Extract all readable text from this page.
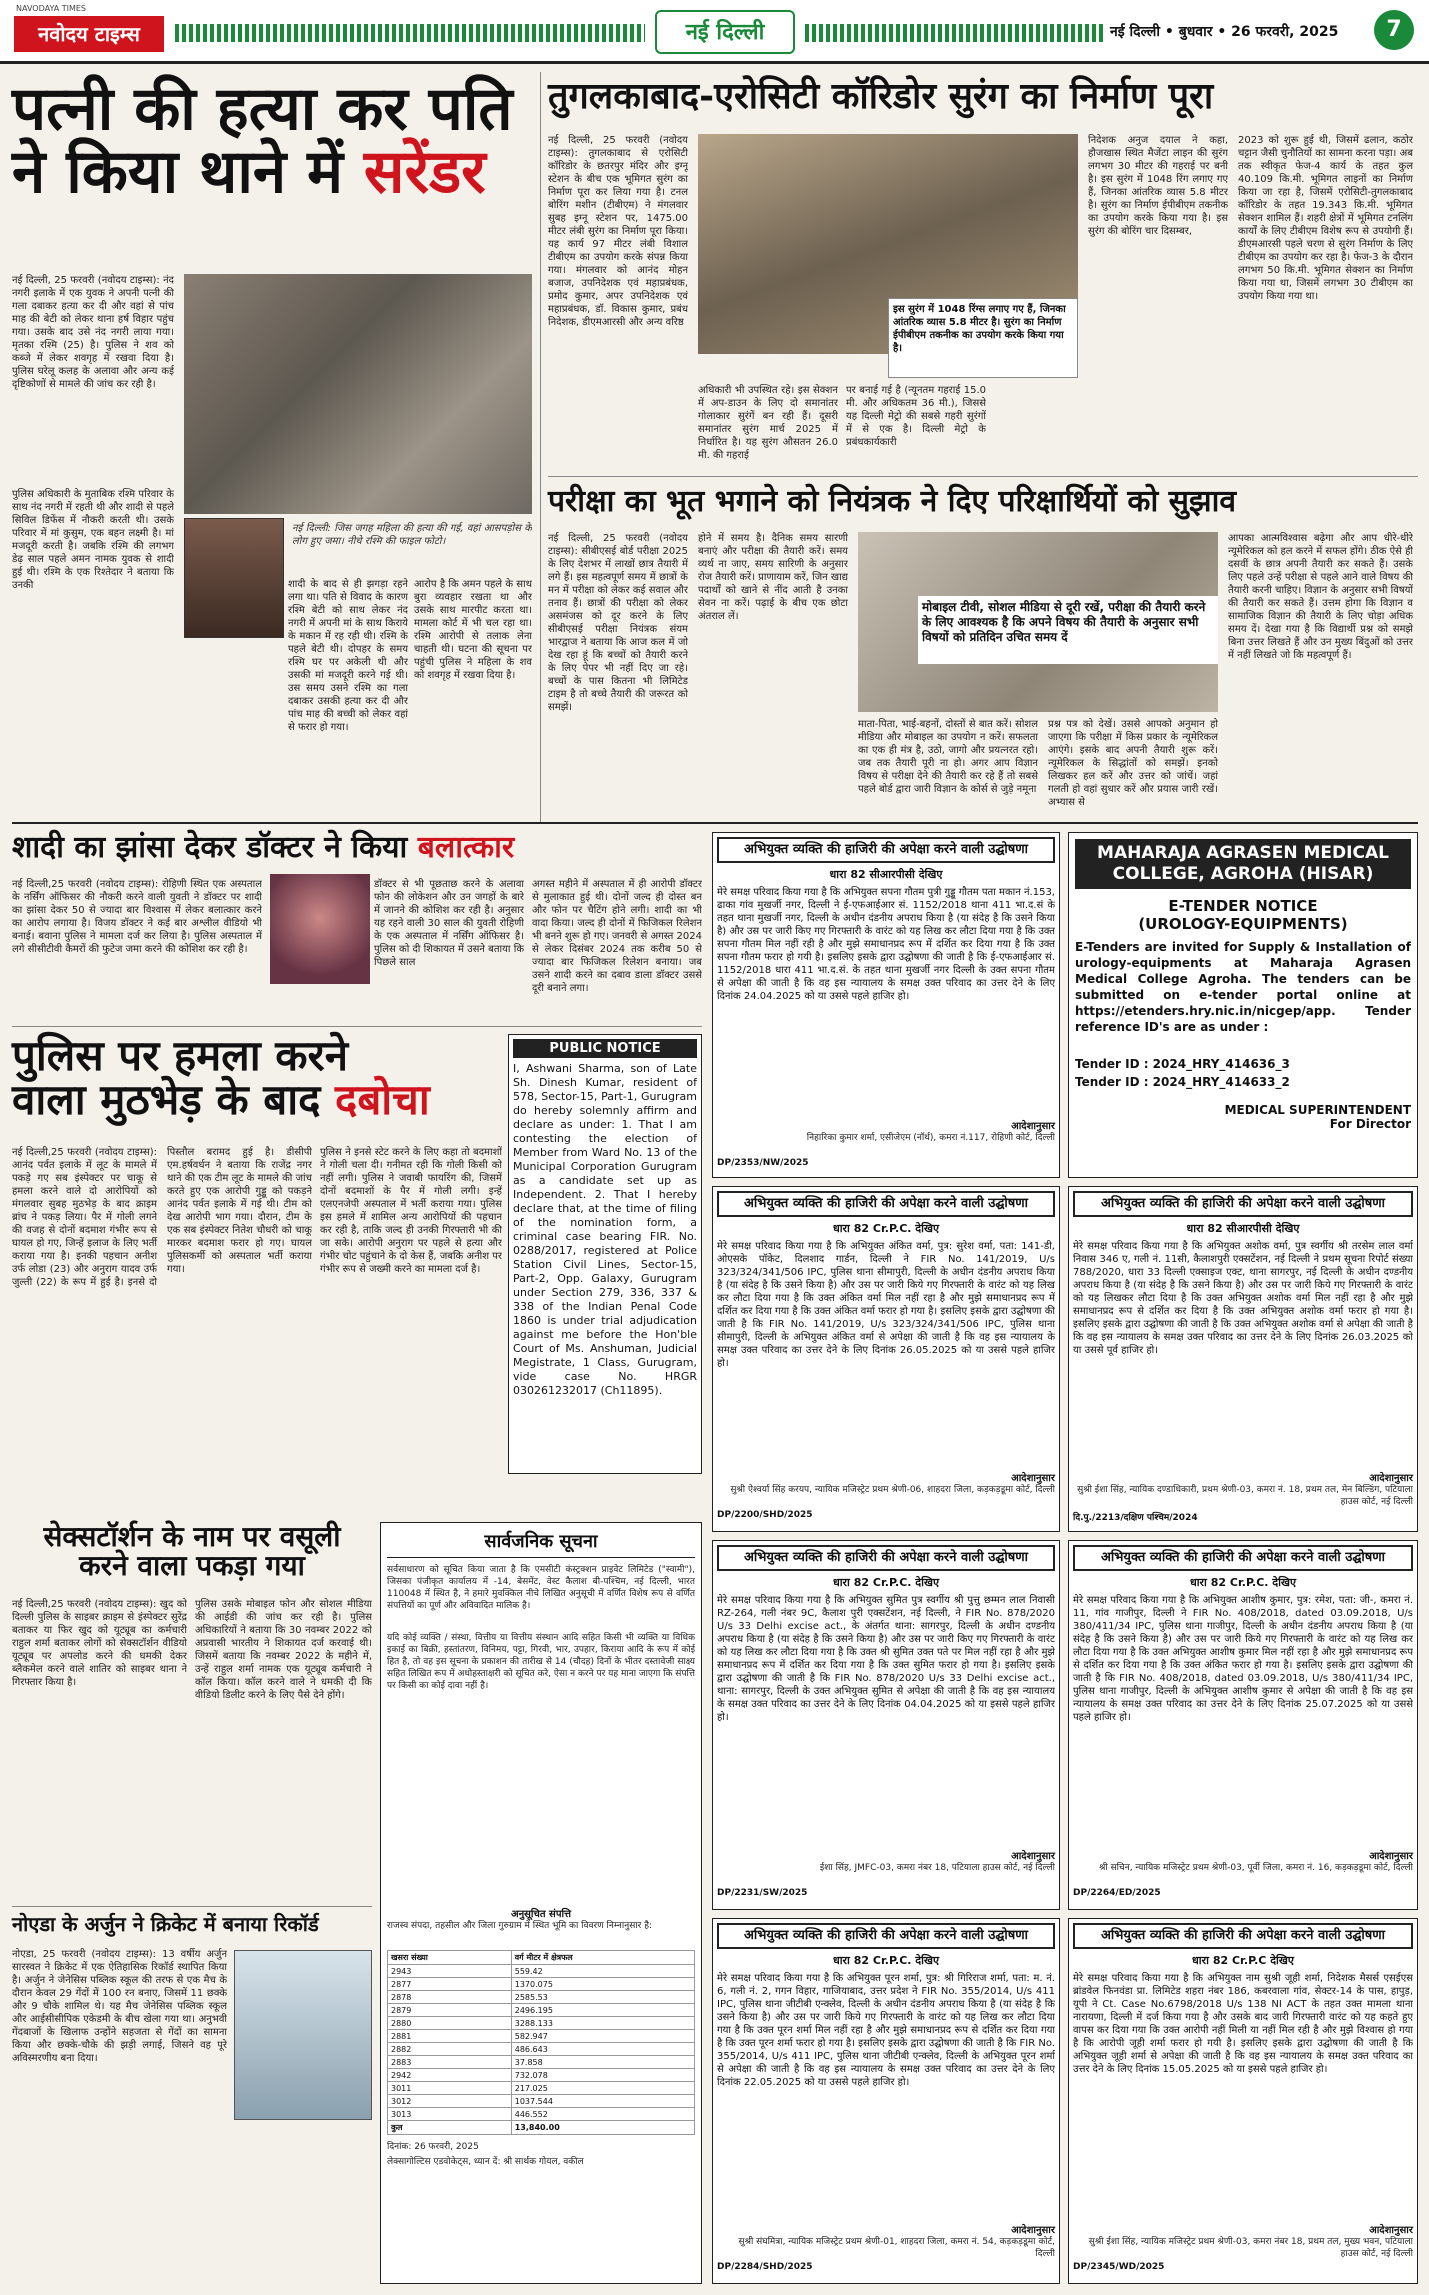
NAVODAYA TIMES
नवोदय टाइम्स	नई दिल्ली	नई दिल्ली • बुधवार • 26 फरवरी, 2025	7
पत्नी की हत्या कर पति
ने किया थाने में सरेंडर
नई दिल्ली, 25 फरवरी (नवोदय टाइम्स): नंद नगरी इलाके में एक युवक ने अपनी पत्नी की गला दबाकर हत्या कर दी और वहां से पांच माह की बेटी को लेकर थाना हर्ष विहार पहुंच गया। उसके बाद उसे नंद नगरी लाया गया। मृतका रश्मि (25) है। पुलिस ने शव को कब्जे में लेकर शवगृह में रखवा दिया है। पुलिस घरेलू कलह के अलावा और अन्य कई दृष्टिकोणों से मामले की जांच कर रही है।
पुलिस अधिकारी के मुताबिक रश्मि परिवार के साथ नंद नगरी में रहती थी और शादी से पहले सिविल डिफेंस में नौकरी करती थी। उसके परिवार में मां कुसुम, एक बहन लक्ष्मी है। मां मजदूरी करती है। जबकि रश्मि की लगभग डेढ़ साल पहले अमन नामक युवक से शादी हुई थी। रश्मि के एक रिश्तेदार ने बताया कि उनकी
नई दिल्ली: जिस जगह महिला की हत्या की गई, वहां आसपड़ोस के लोग हुए जमा। नीचे रश्मि की फाइल फोटो।
शादी के बाद से ही झगड़ा रहने लगा था। पति से विवाद के कारण रश्मि बेटी को साथ लेकर नंद नगरी में अपनी मां के साथ किराये के मकान में रह रही थी। रश्मि के पहले बेटी थी। दोपहर के समय रश्मि घर पर अकेली थी और उसकी मां मजदूरी करने गई थी। उस समय उसने रश्मि का गला दबाकर उसकी हत्या कर दी और पांच माह की बच्ची को लेकर वहां से फरार हो गया।
आरोप है कि अमन पहले के साथ बुरा व्यवहार रखता था और उसके साथ मारपीट करता था। मामला कोर्ट में भी चल रहा था। रश्मि आरोपी से तलाक लेना चाहती थी। घटना की सूचना पर पहुंची पुलिस ने महिला के शव को शवगृह में रखवा दिया है।
तुगलकाबाद-एरोसिटी कॉरिडोर सुरंग का निर्माण पूरा
नई दिल्ली, 25 फरवरी (नवोदय टाइम्स): तुगलकाबाद से एरोसिटी कॉरिडोर के छतरपुर मंदिर और इग्नू स्टेशन के बीच एक भूमिगत सुरंग का निर्माण पूरा कर लिया गया है। टनल बोरिंग मशीन (टीबीएम) ने मंगलवार सुबह इग्नू स्टेशन पर, 1475.00 मीटर लंबी सुरंग का निर्माण पूरा किया। यह कार्य 97 मीटर लंबी विशाल टीबीएम का उपयोग करके संपन्न किया गया। मंगलवार को आनंद मोहन बजाज, उपनिदेशक एवं महाप्रबंधक, प्रमोद कुमार, अपर उपनिदेशक एवं महाप्रबंधक, डॉ. विकास कुमार, प्रबंध निदेशक, डीएमआरसी और अन्य वरिष्ठ
इस सुरंग में 1048 रिंग्स लगाए गए हैं, जिनका आंतरिक व्यास 5.8 मीटर है। सुरंग का निर्माण ईपीबीएम तकनीक का उपयोग करके किया गया है।
अधिकारी भी उपस्थित रहे। इस सेक्शन में अप-डाउन के लिए दो समानांतर गोलाकार सुरंगें बन रही हैं। दूसरी समानांतर सुरंग मार्च 2025 में निर्धारित है। यह सुरंग औसतन 26.0 मी. की गहराई
पर बनाई गई है (न्यूनतम गहराई 15.0 मी. और अधिकतम 36 मी.), जिससे यह दिल्ली मेट्रो की सबसे गहरी सुरंगों में से एक है। दिल्ली मेट्रो के प्रबंधकार्यकारी
निदेशक अनुज दयाल ने कहा, हौजखास स्थित मैजेंटा लाइन की सुरंग लगभग 30 मीटर की गहराई पर बनी है। इस सुरंग में 1048 रिंग लगाए गए हैं, जिनका आंतरिक व्यास 5.8 मीटर है। सुरंग का निर्माण ईपीबीएम तकनीक का उपयोग करके किया गया है। इस सुरंग की बोरिंग चार दिसम्बर,
2023 को शुरू हुई थी, जिसमें ढलान, कठोर चट्टान जैसी चुनौतियों का सामना करना पड़ा। अब तक स्वीकृत फेज-4 कार्य के तहत कुल 40.109 कि.मी. भूमिगत लाइनों का निर्माण किया जा रहा है, जिसमें एरोसिटी-तुगलकाबाद कॉरिडोर के तहत 19.343 कि.मी. भूमिगत सेक्शन शामिल हैं। शहरी क्षेत्रों में भूमिगत टनलिंग कार्यों के लिए टीबीएम विशेष रूप से उपयोगी हैं। डीएमआरसी पहले चरण से सुरंग निर्माण के लिए टीबीएम का उपयोग कर रहा है। फेज-3 के दौरान लगभग 50 कि.मी. भूमिगत सेक्शन का निर्माण किया गया था, जिसमें लगभग 30 टीबीएम का उपयोग किया गया था।
परीक्षा का भूत भगाने को नियंत्रक ने दिए परिक्षार्थियों को सुझाव
नई दिल्ली, 25 फरवरी (नवोदय टाइम्स): सीबीएसई बोर्ड परीक्षा 2025 के लिए देशभर में लाखों छात्र तैयारी में लगे हैं। इस महत्वपूर्ण समय में छात्रों के मन में परीक्षा को लेकर कई सवाल और तनाव हैं। छात्रों की परीक्षा को लेकर असमंजस को दूर करने के लिए सीबीएसई परीक्षा नियंत्रक संयम भारद्वाज ने बताया कि आज कल में जो देख रहा हूं कि बच्चों को तैयारी करने के लिए पेपर भी नहीं दिए जा रहे। बच्चों के पास कितना भी लिमिटेड टाइम है तो बच्चे तैयारी की जरूरत को समझें।
होने में समय है। दैनिक समय सारणी बनाएं और परीक्षा की तैयारी करें। समय व्यर्थ ना जाए, समय सारिणी के अनुसार रोज तैयारी करें। प्राणायाम करें, जिन खाद्य पदार्थों को खाने से नींद आती है उनका सेवन ना करें। पढ़ाई के बीच एक छोटा अंतराल लें।
मोबाइल टीवी, सोशल मीडिया से दूरी रखें, परीक्षा की तैयारी करने के लिए आवश्यक है कि अपने विषय की तैयारी के अनुसार सभी विषयों को प्रतिदिन उचित समय दें
माता-पिता, भाई-बहनों, दोस्तों से बात करें। सोशल मीडिया और मोबाइल का उपयोग न करें। सफलता का एक ही मंत्र है, उठो, जागो और प्रयत्नरत रहो। जब तक तैयारी पूरी ना हो। अगर आप विज्ञान विषय से परीक्षा देने की तैयारी कर रहे हैं तो सबसे पहले बोर्ड द्वारा जारी विज्ञान के कोर्स से जुड़े नमूना
प्रश्न पत्र को देखें। उससे आपको अनुमान हो जाएगा कि परीक्षा में किस प्रकार के न्यूमेरिकल आएंगे। इसके बाद अपनी तैयारी शुरू करें। न्यूमेरिकल के सिद्धांतों को समझें। इनको लिखकर हल करें और उत्तर को जांचें। जहां गलती हो वहां सुधार करें और प्रयास जारी रखें। अभ्यास से
आपका आत्मविश्वास बढ़ेगा और आप धीरे-धीरे न्यूमेरिकल को हल करने में सफल होंगे। ठीक ऐसे ही दसवीं के छात्र अपनी तैयारी कर सकते हैं। उसके लिए पहले उन्हें परीक्षा से पहले आने वाले विषय की तैयारी करनी चाहिए। विज्ञान के अनुसार सभी विषयों की तैयारी कर सकते हैं। उत्तम होगा कि विज्ञान व सामाजिक विज्ञान की तैयारी के लिए चोड़ा अधिक समय दें। देखा गया है कि विद्यार्थी प्रश्न को समझे बिना उत्तर लिखते हैं और उन मुख्य बिंदुओं को उत्तर में नहीं लिखते जो कि महत्वपूर्ण हैं।
शादी का झांसा देकर डॉक्टर ने किया बलात्कार
नई दिल्ली,25 फरवरी (नवोदय टाइम्स): रोहिणी स्थित एक अस्पताल के नर्सिंग ऑफिसर की नौकरी करने वाली युवती ने डॉक्टर पर शादी का झांसा देकर 50 से ज्यादा बार विश्वास में लेकर बलात्कार करने का आरोप लगाया है। विजय डॉक्टर ने कई बार अश्लील वीडियो भी बनाई। बवाना पुलिस ने मामला दर्ज कर लिया है। पुलिस अस्पताल में लगे सीसीटीवी कैमरों की फुटेज जमा करने की कोशिश कर रही है।
डॉक्टर से भी पूछताछ करने के अलावा फोन की लोकेशन और उन जगहों के बारे में जानने की कोशिश कर रही है। अनुसार यह रहने वाली 30 साल की युवती रोहिणी के एक अस्पताल में नर्सिंग ऑफिसर है। पुलिस को दी शिकायत में उसने बताया कि पिछले साल
अगस्त महीने में अस्पताल में ही आरोपी डॉक्टर से मुलाकात हुई थी। दोनों जल्द ही दोस्त बन और फोन पर चैटिंग होने लगी। शादी का भी वादा किया। जल्द ही दोनों में फिजिकल रिलेशन भी बनने शुरू हो गए। जनवरी से अगस्त 2024 से लेकर दिसंबर 2024 तक करीब 50 से ज्यादा बार फिजिकल रिलेशन बनाया। जब उसने शादी करने का दबाव डाला डॉक्टर उससे दूरी बनाने लगा।
पुलिस पर हमला करने
वाला मुठभेड़ के बाद दबोचा
नई दिल्ली,25 फरवरी (नवोदय टाइम्स): आनंद पर्वत इलाके में लूट के मामले में पकड़े गए सब इंस्पेक्टर पर चाकू से हमला करने वाले दो आरोपियों को मंगलवार सुबह मुठभेड़ के बाद क्राइम ब्रांच ने पकड़ लिया। पैर में गोली लगने की वजह से दोनों बदमाश गंभीर रूप से घायल हो गए, जिन्हें इलाज के लिए भर्ती कराया गया है। इनकी पहचान अनीश उर्फ लोडा (23) और अनुराग यादव उर्फ जुल्ती (22) के रूप में हुई है। इनसे दो पिस्तौल बरामद हुई है। डीसीपी एम.हर्षवर्धन ने बताया कि राजेंद्र नगर थाने की एक टीम लूट के मामले की जांच करते हुए एक आरोपी गुड्डू को पकड़ने आनंद पर्वत इलाके में गई थी। टीम को देख आरोपी भाग गया। दौरान, टीम के एक सब इंस्पेक्टर नितेश चौधरी को चाकू मारकर बदमाश फरार हो गए। घायल पुलिसकर्मी को अस्पताल भर्ती कराया गया।
पुलिस ने इनसे स्टेट करने के लिए कहा तो बदमाशों ने गोली चला दी। गनीमत रही कि गोली किसी को नहीं लगी। पुलिस ने जवाबी फायरिंग की, जिसमें दोनों बदमाशों के पैर में गोली लगी। इन्हें एलएनजेपी अस्पताल में भर्ती कराया गया। पुलिस इस हमले में शामिल अन्य आरोपियों की पहचान कर रही है, ताकि जल्द ही उनकी गिरफ्तारी भी की जा सके। आरोपी अनुराग पर पहले से हत्या और गंभीर चोट पहुंचाने के दो केस हैं, जबकि अनीश पर गंभीर रूप से जख्मी करने का मामला दर्ज है।
PUBLIC NOTICE
I, Ashwani Sharma, son of Late Sh. Dinesh Kumar, resident of 578, Sector-15, Part-1, Gurugram do hereby solemnly affirm and declare as under: 1. That I am contesting the election of Member from Ward No. 13 of the Municipal Corporation Gurugram as a candidate set up as Independent. 2. That I hereby declare that, at the time of filing of the nomination form, a criminal case bearing FIR. No. 0288/2017, registered at Police Station Civil Lines, Sector-15, Part-2, Opp. Galaxy, Gurugram under Section 279, 336, 337 & 338 of the Indian Penal Code 1860 is under trial adjudication against me before the Hon'ble Court of Ms. Anshuman, Judicial Megistrate, 1 Class, Gurugram, vide case No. HRGR 030261232017 (Ch11895).
सेक्सटॉर्शन के नाम पर वसूली
करने वाला पकड़ा गया
नई दिल्ली,25 फरवरी (नवोदय टाइम्स): खुद को दिल्ली पुलिस के साइबर क्राइम से इंस्पेक्टर सुरेंद्र बताकर या फिर खुद को यूट्यूब का कर्मचारी राहुल शर्मा बताकर लोगों को सेक्सटॉर्शन वीडियो यूट्यूब पर अपलोड करने की धमकी देकर ब्लैकमेल करने वाले शातिर को साइबर थाना ने गिरफ्तार किया है।
पुलिस उसके मोबाइल फोन और सोशल मीडिया की आईडी की जांच कर रही है। पुलिस अधिकारियों ने बताया कि 30 नवम्बर 2022 को अप्रवासी भारतीय ने शिकायत दर्ज करवाई थी। जिसमें बताया कि नवम्बर 2022 के महीने में, उन्हें राहुल शर्मा नामक एक यूट्यूब कर्मचारी ने कॉल किया। कॉल करने वाले ने धमकी दी कि वीडियो डिलीट करने के लिए पैसे देने होंगे।
नोएडा के अर्जुन ने क्रिकेट में बनाया रिकॉर्ड
नोएडा, 25 फरवरी (नवोदय टाइम्स): 13 वर्षीय अर्जुन सारस्वत ने क्रिकेट में एक ऐतिहासिक रिकॉर्ड स्थापित किया है। अर्जुन ने जेनेसिस पब्लिक स्कूल की तरफ से एक मैच के दौरान केवल 29 गेंदों में 100 रन बनाए, जिसमें 11 छक्के और 9 चौके शामिल थे। यह मैच जेनेसिस पब्लिक स्कूल और आईसीसीपिक एकेडमी के बीच खेला गया था। अनुभवी गेंदबाजों के खिलाफ उन्होंने सहजता से गेंदों का सामना किया और छक्के-चौके की झड़ी लगाई, जिसने वह पूरे अविस्मरणीय बना दिया।
सार्वजनिक सूचना
सर्वसाधारण को सूचित किया जाता है कि एमसीटी कंस्ट्रक्शन प्राइवेट लिमिटेड ("स्वामी"), जिसका पंजीकृत कार्यालय में -14, बेसमेंट, वेस्ट कैलाश बी-पश्चिम, नई दिल्ली, भारत 110048 में स्थित है, ने हमारे मुवक्किल नीचे लिखित अनुसूची में वर्णित विशेष रूप से वर्णित संपत्तियों का पूर्ण और अविवादित मालिक है।
यदि कोई व्यक्ति / संस्था, वित्तीय या वित्तीय संस्थान आदि सहित किसी भी व्यक्ति या विधिक इकाई का बिक्री, हस्तांतरण, विनिमय, पट्टा, गिरवी, भार, उपहार, किराया आदि के रूप में कोई हित है, तो वह इस सूचना के प्रकाशन की तारीख से 14 (चौदह) दिनों के भीतर दस्तावेजी साक्ष्य सहित लिखित रूप में अधोहस्ताक्षरी को सूचित करे, ऐसा न करने पर यह माना जाएगा कि संपत्ति पर किसी का कोई दावा नहीं है।
अनुसूचित संपत्ति
राजस्व संपदा, तहसील और जिला गुरुग्राम में स्थित भूमि का विवरण निम्नानुसार है:
खसरा संख्या	वर्ग मीटर में क्षेत्रफल
2943	559.42
2877	1370.075
2878	2585.53
2879	2496.195
2880	3288.133
2881	582.947
2882	486.643
2883	37.858
2942	732.078
3011	217.025
3012	1037.544
3013	446.552
कुल	13,840.00
दिनांक: 26 फरवरी, 2025
लेक्सागोल्टिस एडवोकेट्स, ध्यान दें: श्री सार्थक गोयल, वकील
अभियुक्त व्यक्ति की हाजिरी की अपेक्षा करने वाली उद्घोषणा
धारा 82 सीआरपीसी देखिए
मेरे समक्ष परिवाद किया गया है कि अभियुक्त सपना गौतम पुत्री गुड्डू गौतम पता मकान नं.153, ढाका गांव मुखर्जी नगर, दिल्ली ने ई-एफआईआर सं. 1152/2018 थाना 411 भा.द.सं के तहत थाना मुखर्जी नगर, दिल्ली के अधीन दंडनीय अपराध किया है (या संदेह है कि उसने किया है) और उस पर जारी किए गए गिरफ्तारी के वारंट को यह लिख कर लौटा दिया गया है कि उक्त सपना गौतम मिल नहीं रही है और मुझे समाधानप्रद रूप में दर्शित कर दिया गया है कि उक्त सपना गौतम फरार हो गयी है। इसलिए इसके द्वारा उद्घोषणा की जाती है कि ई-एफआईआर सं. 1152/2018 धारा 411 भा.द.सं. के तहत थाना मुखर्जी नगर दिल्ली के उक्त सपना गौतम से अपेक्षा की जाती है कि वह इस न्यायालय के समक्ष उक्त परिवाद का उत्तर देने के लिए दिनांक 24.04.2025 को या उससे पहले हाजिर हो।
आदेशानुसार
निहारिका कुमार शर्मा, एसीजेएम (नॉर्थ), कमरा नं.117, रोहिणी कोर्ट, दिल्ली
DP/2353/NW/2025
MAHARAJA AGRASEN MEDICAL COLLEGE, AGROHA (HISAR)
E-TENDER NOTICE
(UROLOGY-EQUIPMENTS)
E-Tenders are invited for Supply & Installation of urology-equipments at Maharaja Agrasen Medical College Agroha. The tenders can be submitted on e-tender portal online at https://etenders.hry.nic.in/nicgep/app. Tender reference ID's are as under :
Tender ID : 2024_HRY_414636_3
Tender ID : 2024_HRY_414633_2
MEDICAL SUPERINTENDENT
For Director
अभियुक्त व्यक्ति की हाजिरी की अपेक्षा करने वाली उद्घोषणा
धारा 82 Cr.P.C. देखिए
मेरे समक्ष परिवाद किया गया है कि अभियुक्त अंकित वर्मा, पुत्र: सुरेश वर्मा, पता: 141-डी, ओएसके पॉकेट, दिलशाद गार्डन, दिल्ली ने FIR No. 141/2019, U/s 323/324/341/506 IPC, पुलिस थाना सीमापुरी, दिल्ली के अधीन दंडनीय अपराध किया है (या संदेह है कि उसने किया है) और उस पर जारी किये गए गिरफ्तारी के वारंट को यह लिख कर लौटा दिया गया है कि उक्त अंकित वर्मा मिल नहीं रहा है और मुझे समाधानप्रद रूप में दर्शित कर दिया गया है कि उक्त अंकित वर्मा फरार हो गया है। इसलिए इसके द्वारा उद्घोषणा की जाती है कि FIR No. 141/2019, U/s 323/324/341/506 IPC, पुलिस थाना सीमापुरी, दिल्ली के अभियुक्त अंकित वर्मा से अपेक्षा की जाती है कि वह इस न्यायालय के समक्ष उक्त परिवाद का उत्तर देने के लिए दिनांक 26.05.2025 को या उससे पहले हाजिर हो।
आदेशानुसार
सुश्री ऐश्वर्या सिंह करयप, न्यायिक मजिस्ट्रेट प्रथम श्रेणी-06, शाहदरा जिला, कड़कड़डूमा कोर्ट, दिल्ली
DP/2200/SHD/2025
अभियुक्त व्यक्ति की हाजिरी की अपेक्षा करने वाली उद्घोषणा
धारा 82 सीआरपीसी देखिए
मेरे समक्ष परिवाद किया गया है कि अभियुक्त अशोक वर्मा, पुत्र स्वर्गीय श्री तरसेम लाल वर्मा निवास 346 ए, गली नं. 11सी, कैलाशपुरी एक्सटेंशन, नई दिल्ली ने प्रथम सूचना रिपोर्ट संख्या 788/2020, धारा 33 दिल्ली एक्साइज एक्ट, थाना सागरपुर, नई दिल्ली के अधीन दण्डनीय अपराध किया है (या संदेह है कि उसने किया है) और उस पर जारी किये गए गिरफ्तारी के वारंट को यह लिखकर लौटा दिया है कि उक्त अभियुक्त अशोक वर्मा मिल नहीं रहा है और मुझे समाधानप्रद रूप से दर्शित कर दिया है कि उक्त अभियुक्त अशोक वर्मा फरार हो गया है। इसलिए इसके द्वारा उद्घोषणा की जाती है कि उक्त अभियुक्त अशोक वर्मा से अपेक्षा की जाती है कि वह इस न्यायालय के समक्ष उक्त परिवाद का उत्तर देने के लिए दिनांक 26.03.2025 को या उससे पूर्व हाजिर हो।
आदेशानुसार
सुश्री ईशा सिंह, न्यायिक दण्डाधिकारी, प्रथम श्रेणी-03, कमरा नं. 18, प्रथम तल, मेन बिल्डिंग, पटियाला हाउस कोर्ट, नई दिल्ली
दि.पु./2213/दक्षिण पश्चिम/2024
अभियुक्त व्यक्ति की हाजिरी की अपेक्षा करने वाली उद्घोषणा
धारा 82 Cr.P.C. देखिए
मेरे समक्ष परिवाद किया गया है कि अभियुक्त सुमित पुत्र स्वर्गीय श्री पुत्तु छम्मन लाल निवासी RZ-264, गली नंबर 9C, कैलाश पुरी एक्सटेंशन, नई दिल्ली, ने FIR No. 878/2020 U/s 33 Delhi excise act., के अंतर्गत थाना: सागरपुर, दिल्ली के अधीन दण्डनीय अपराध किया है (या संदेह है कि उसने किया है) और उस पर जारी किए गए गिरफ्तारी के वारंट को यह लिख कर लौटा दिया गया है कि उक्त श्री सुमित उक्त पते पर मिल नहीं रहा है और मुझे समाधानप्रद रूप में दर्शित कर दिया गया है कि उक्त सुमित फरार हो गया है। इसलिए इसके द्वारा उद्घोषणा की जाती है कि FIR No. 878/2020 U/s 33 Delhi excise act., थाना: सागरपुर, दिल्ली के उक्त अभियुक्त सुमित से अपेक्षा की जाती है कि वह इस न्यायालय के समक्ष उक्त परिवाद का उत्तर देने के लिए दिनांक 04.04.2025 को या इससे पहले हाजिर हो।
आदेशानुसार
ईशा सिंह, JMFC-03, कमरा नंबर 18, पटियाला हाउस कोर्ट, नई दिल्ली
DP/2231/SW/2025
अभियुक्त व्यक्ति की हाजिरी की अपेक्षा करने वाली उद्घोषणा
धारा 82 Cr.P.C. देखिए
मेरे समक्ष परिवाद किया गया है कि अभियुक्त आशीष कुमार, पुत्र: रमेश, पता: जी-, कमरा नं. 11, गांव गाजीपुर, दिल्ली ने FIR No. 408/2018, dated 03.09.2018, U/s 380/411/34 IPC, पुलिस थाना गाजीपुर, दिल्ली के अधीन दंडनीय अपराध किया है (या संदेह है कि उसने किया है) और उस पर जारी किये गए गिरफ्तारी के वारंट को यह लिख कर लौटा दिया गया है कि उक्त अभियुक्त आशीष कुमार मिल नहीं रहा है और मुझे समाधानप्रद रूप से दर्शित कर दिया गया है कि उक्त अंकित फरार हो गया है। इसलिए इसके द्वारा उद्घोषणा की जाती है कि FIR No. 408/2018, dated 03.09.2018, U/s 380/411/34 IPC, पुलिस थाना गाजीपुर, दिल्ली के अभियुक्त आशीष कुमार से अपेक्षा की जाती है कि वह इस न्यायालय के समक्ष उक्त परिवाद का उत्तर देने के लिए दिनांक 25.07.2025 को या उससे पहले हाजिर हो।
आदेशानुसार
श्री सचिन, न्यायिक मजिस्ट्रेट प्रथम श्रेणी-03, पूर्वी जिला, कमरा नं. 16, कड़कड़डूमा कोर्ट, दिल्ली
DP/2264/ED/2025
अभियुक्त व्यक्ति की हाजिरी की अपेक्षा करने वाली उद्घोषणा
धारा 82 Cr.P.C. देखिए
मेरे समक्ष परिवाद किया गया है कि अभियुक्त पूरन शर्मा, पुत्र: श्री गिरिराज शर्मा, पता: म. नं. 6, गली नं. 2, गगन विहार, गाजियाबाद, उत्तर प्रदेश ने FIR No. 355/2014, U/s 411 IPC, पुलिस थाना जीटीबी एन्क्लेव, दिल्ली के अधीन दंडनीय अपराध किया है (या संदेह है कि उसने किया है) और उस पर जारी किये गए गिरफ्तारी के वारंट को यह लिख कर लौटा दिया गया है कि उक्त पूरन शर्मा मिल नहीं रहा है और मुझे समाधानप्रद रूप से दर्शित कर दिया गया है कि उक्त पूरन शर्मा फरार हो गया है। इसलिए इसके द्वारा उद्घोषणा की जाती है कि FIR No. 355/2014, U/s 411 IPC, पुलिस थाना जीटीबी एन्क्लेव, दिल्ली के अभियुक्त पूरन शर्मा से अपेक्षा की जाती है कि वह इस न्यायालय के समक्ष उक्त परिवाद का उत्तर देने के लिए दिनांक 22.05.2025 को या उससे पहले हाजिर हो।
आदेशानुसार
सुश्री संघमित्रा, न्यायिक मजिस्ट्रेट प्रथम श्रेणी-01, शाहदरा जिला, कमरा नं. 54, कड़कड़डूमा कोर्ट, दिल्ली
DP/2284/SHD/2025
अभियुक्त व्यक्ति की हाजिरी की अपेक्षा करने वाली उद्घोषणा
धारा 82 Cr.P.C देखिए
मेरे समक्ष परिवाद किया गया है कि अभियुक्त नाम सुश्री जूही शर्मा, निदेशक मैसर्स एसईएस ब्रांडवेल फिनवंडा प्रा. लिमिटेड शहरा नंबर 186, कबरवाला गांव, सेक्टर-14 के पास, हापुड़, यूपी ने Ct. Case No.6798/2018 U/s 138 NI ACT के तहत उक्त मामला थाना नारायणा, दिल्ली में दर्ज किया गया है और उसके बाद जारी गिरफ्तारी वारंट को यह कहते हुए वापस कर दिया गया कि उक्त आरोपी नहीं मिली या नहीं मिल रही है और मुझे विश्वास हो गया है कि आरोपी जूही शर्मा फरार हो गयी है। इसलिए इसके द्वारा उद्घोषणा की जाती है कि अभियुक्त जूही शर्मा से अपेक्षा की जाती है कि वह इस न्यायालय के समक्ष उक्त परिवाद का उत्तर देने के लिए दिनांक 15.05.2025 को या इससे पहले हाजिर हो।
आदेशानुसार
सुश्री ईशा सिंह, न्यायिक मजिस्ट्रेट प्रथम श्रेणी-03, कमरा नंबर 18, प्रथम तल, मुख्य भवन, पटियाला हाउस कोर्ट, नई दिल्ली
DP/2345/WD/2025
